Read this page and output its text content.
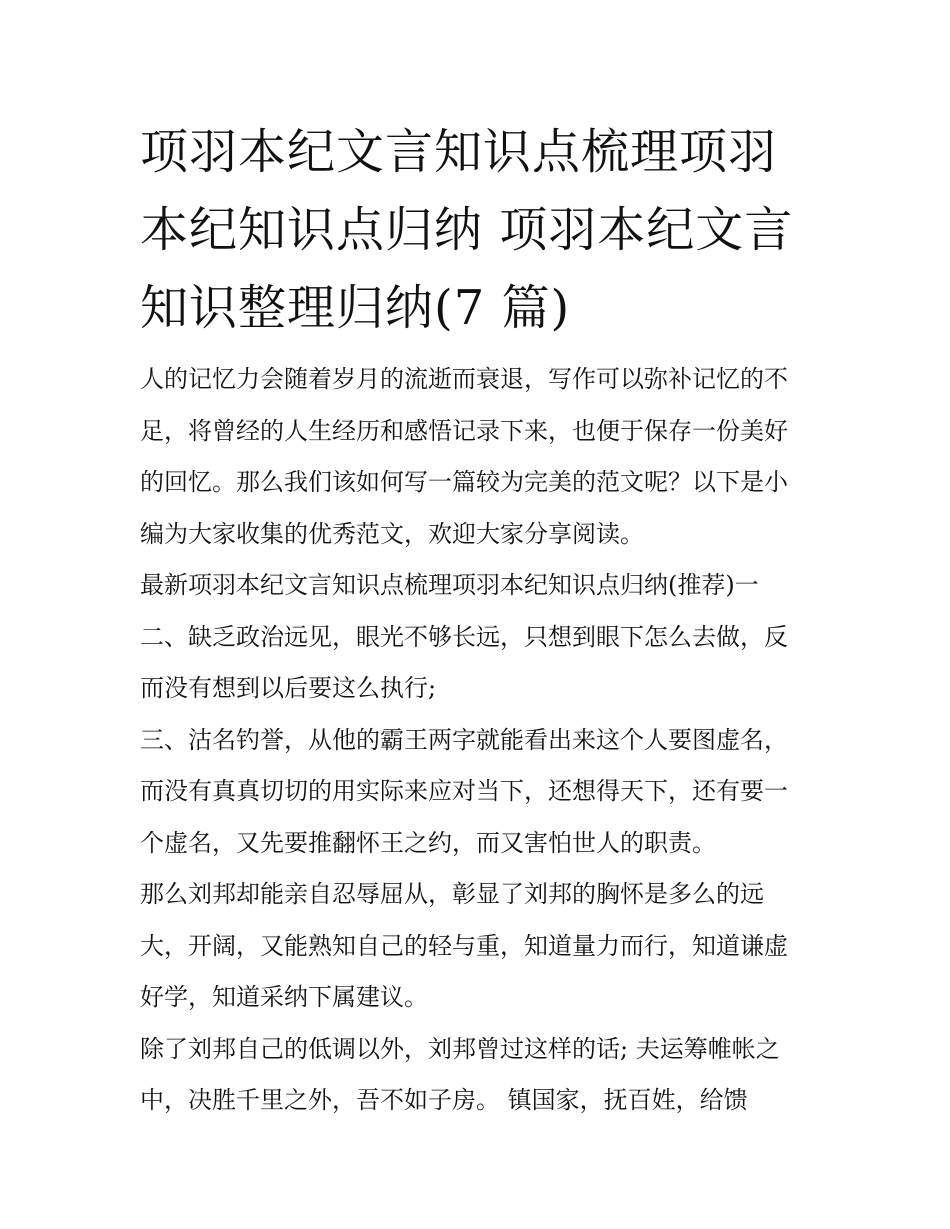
项羽本纪文言知识点梳理项羽
本纪知识点归纳 项羽本纪文言
知识整理归纳(7 篇)
人的记忆力会随着岁月的流逝而衰退，写作可以弥补记忆的不
足，将曾经的人生经历和感悟记录下来，也便于保存一份美好
的回忆。那么我们该如何写一篇较为完美的范文呢？以下是小
编为大家收集的优秀范文，欢迎大家分享阅读。
最新项羽本纪文言知识点梳理项羽本纪知识点归纳(推荐)一
二、缺乏政治远见，眼光不够长远，只想到眼下怎么去做，反
而没有想到以后要这么执行;
三、沽名钓誉，从他的霸王两字就能看出来这个人要图虚名，
而没有真真切切的用实际来应对当下，还想得天下，还有要一
个虚名，又先要推翻怀王之约，而又害怕世人的职责。
那么刘邦却能亲自忍辱屈从，彰显了刘邦的胸怀是多么的远
大，开阔，又能熟知自己的轻与重，知道量力而行，知道谦虚
好学，知道采纳下属建议。
除了刘邦自己的低调以外，刘邦曾过这样的话; 夫运筹帷帐之
中，决胜千里之外，吾不如子房。 镇国家，抚百姓，给馈
